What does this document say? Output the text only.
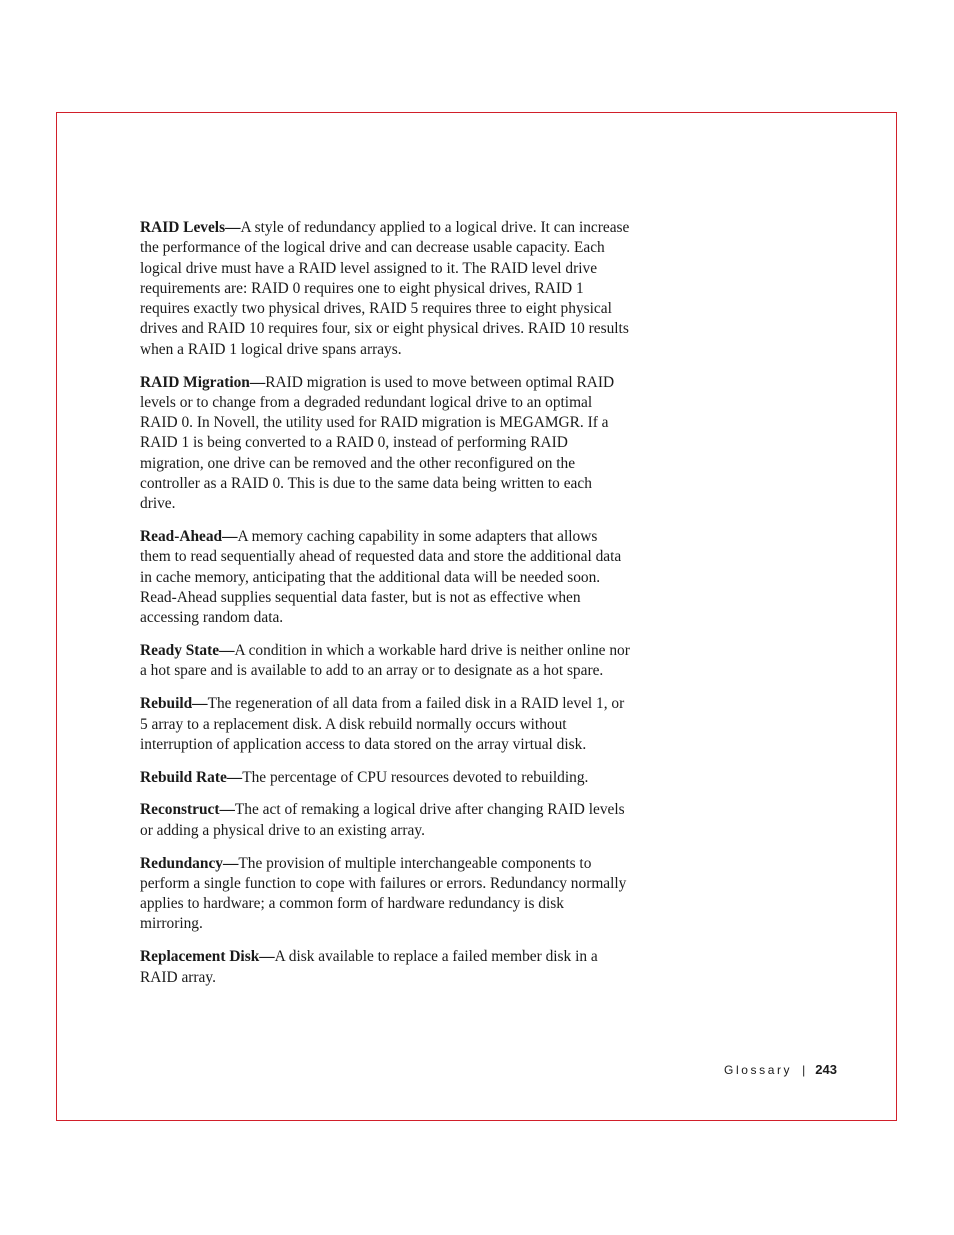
RAID Levels—A style of redundancy applied to a logical drive. It can increase the performance of the logical drive and can decrease usable capacity. Each logical drive must have a RAID level assigned to it. The RAID level drive requirements are: RAID 0 requires one to eight physical drives, RAID 1 requires exactly two physical drives, RAID 5 requires three to eight physical drives and RAID 10 requires four, six or eight physical drives. RAID 10 results when a RAID 1 logical drive spans arrays.

RAID Migration—RAID migration is used to move between optimal RAID levels or to change from a degraded redundant logical drive to an optimal RAID 0. In Novell, the utility used for RAID migration is MEGAMGR. If a RAID 1 is being converted to a RAID 0, instead of performing RAID migration, one drive can be removed and the other reconfigured on the controller as a RAID 0. This is due to the same data being written to each drive.

Read-Ahead—A memory caching capability in some adapters that allows them to read sequentially ahead of requested data and store the additional data in cache memory, anticipating that the additional data will be needed soon. Read-Ahead supplies sequential data faster, but is not as effective when accessing random data.

Ready State—A condition in which a workable hard drive is neither online nor a hot spare and is available to add to an array or to designate as a hot spare.

Rebuild—The regeneration of all data from a failed disk in a RAID level 1, or 5 array to a replacement disk. A disk rebuild normally occurs without interruption of application access to data stored on the array virtual disk.

Rebuild Rate—The percentage of CPU resources devoted to rebuilding.

Reconstruct—The act of remaking a logical drive after changing RAID levels or adding a physical drive to an existing array.

Redundancy—The provision of multiple interchangeable components to perform a single function to cope with failures or errors. Redundancy normally applies to hardware; a common form of hardware redundancy is disk mirroring.

Replacement Disk—A disk available to replace a failed member disk in a RAID array.

Glossary | 243
